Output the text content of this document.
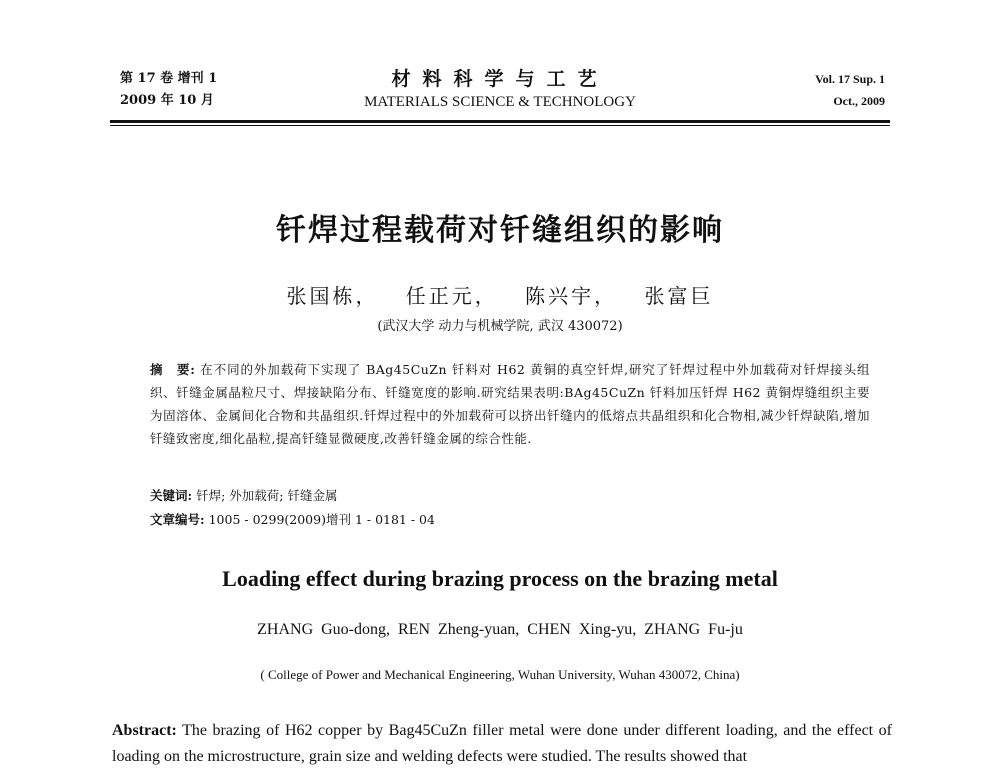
第 17 卷 增刊 1
2009 年 10 月
材料科学与工艺
MATERIALS SCIENCE & TECHNOLOGY
Vol. 17 Sup. 1
Oct., 2009
钎焊过程载荷对钎缝组织的影响
张国栋， 任正元， 陈兴宇， 张富巨
(武汉大学 动力与机械学院, 武汉 430072)
摘　要: 在不同的外加载荷下实现了 BAg45CuZn 钎料对 H62 黄铜的真空钎焊,研究了钎焊过程中外加载荷对钎焊接头组织、钎缝金属晶粒尺寸、焊接缺陷分布、钎缝宽度的影响.研究结果表明:BAg45CuZn 钎料加压钎焊 H62 黄铜焊缝组织主要为固溶体、金属间化合物和共晶组织.钎焊过程中的外加载荷可以挤出钎缝内的低熔点共晶组织和化合物相,减少钎焊缺陷,增加钎缝致密度,细化晶粒,提高钎缝显微硬度,改善钎缝金属的综合性能.
关键词: 钎焊; 外加载荷; 钎缝金属
文章编号: 1005 - 0299(2009)增刊 1 - 0181 - 04
Loading effect during brazing process on the brazing metal
ZHANG Guo-dong, REN Zheng-yuan, CHEN Xing-yu, ZHANG Fu-ju
( College of Power and Mechanical Engineering, Wuhan University, Wuhan 430072, China)
Abstract: The brazing of H62 copper by Bag45CuZn filler metal were done under different loading, and the effect of loading on the microstructure, grain size and welding defects were studied. The results showed that
